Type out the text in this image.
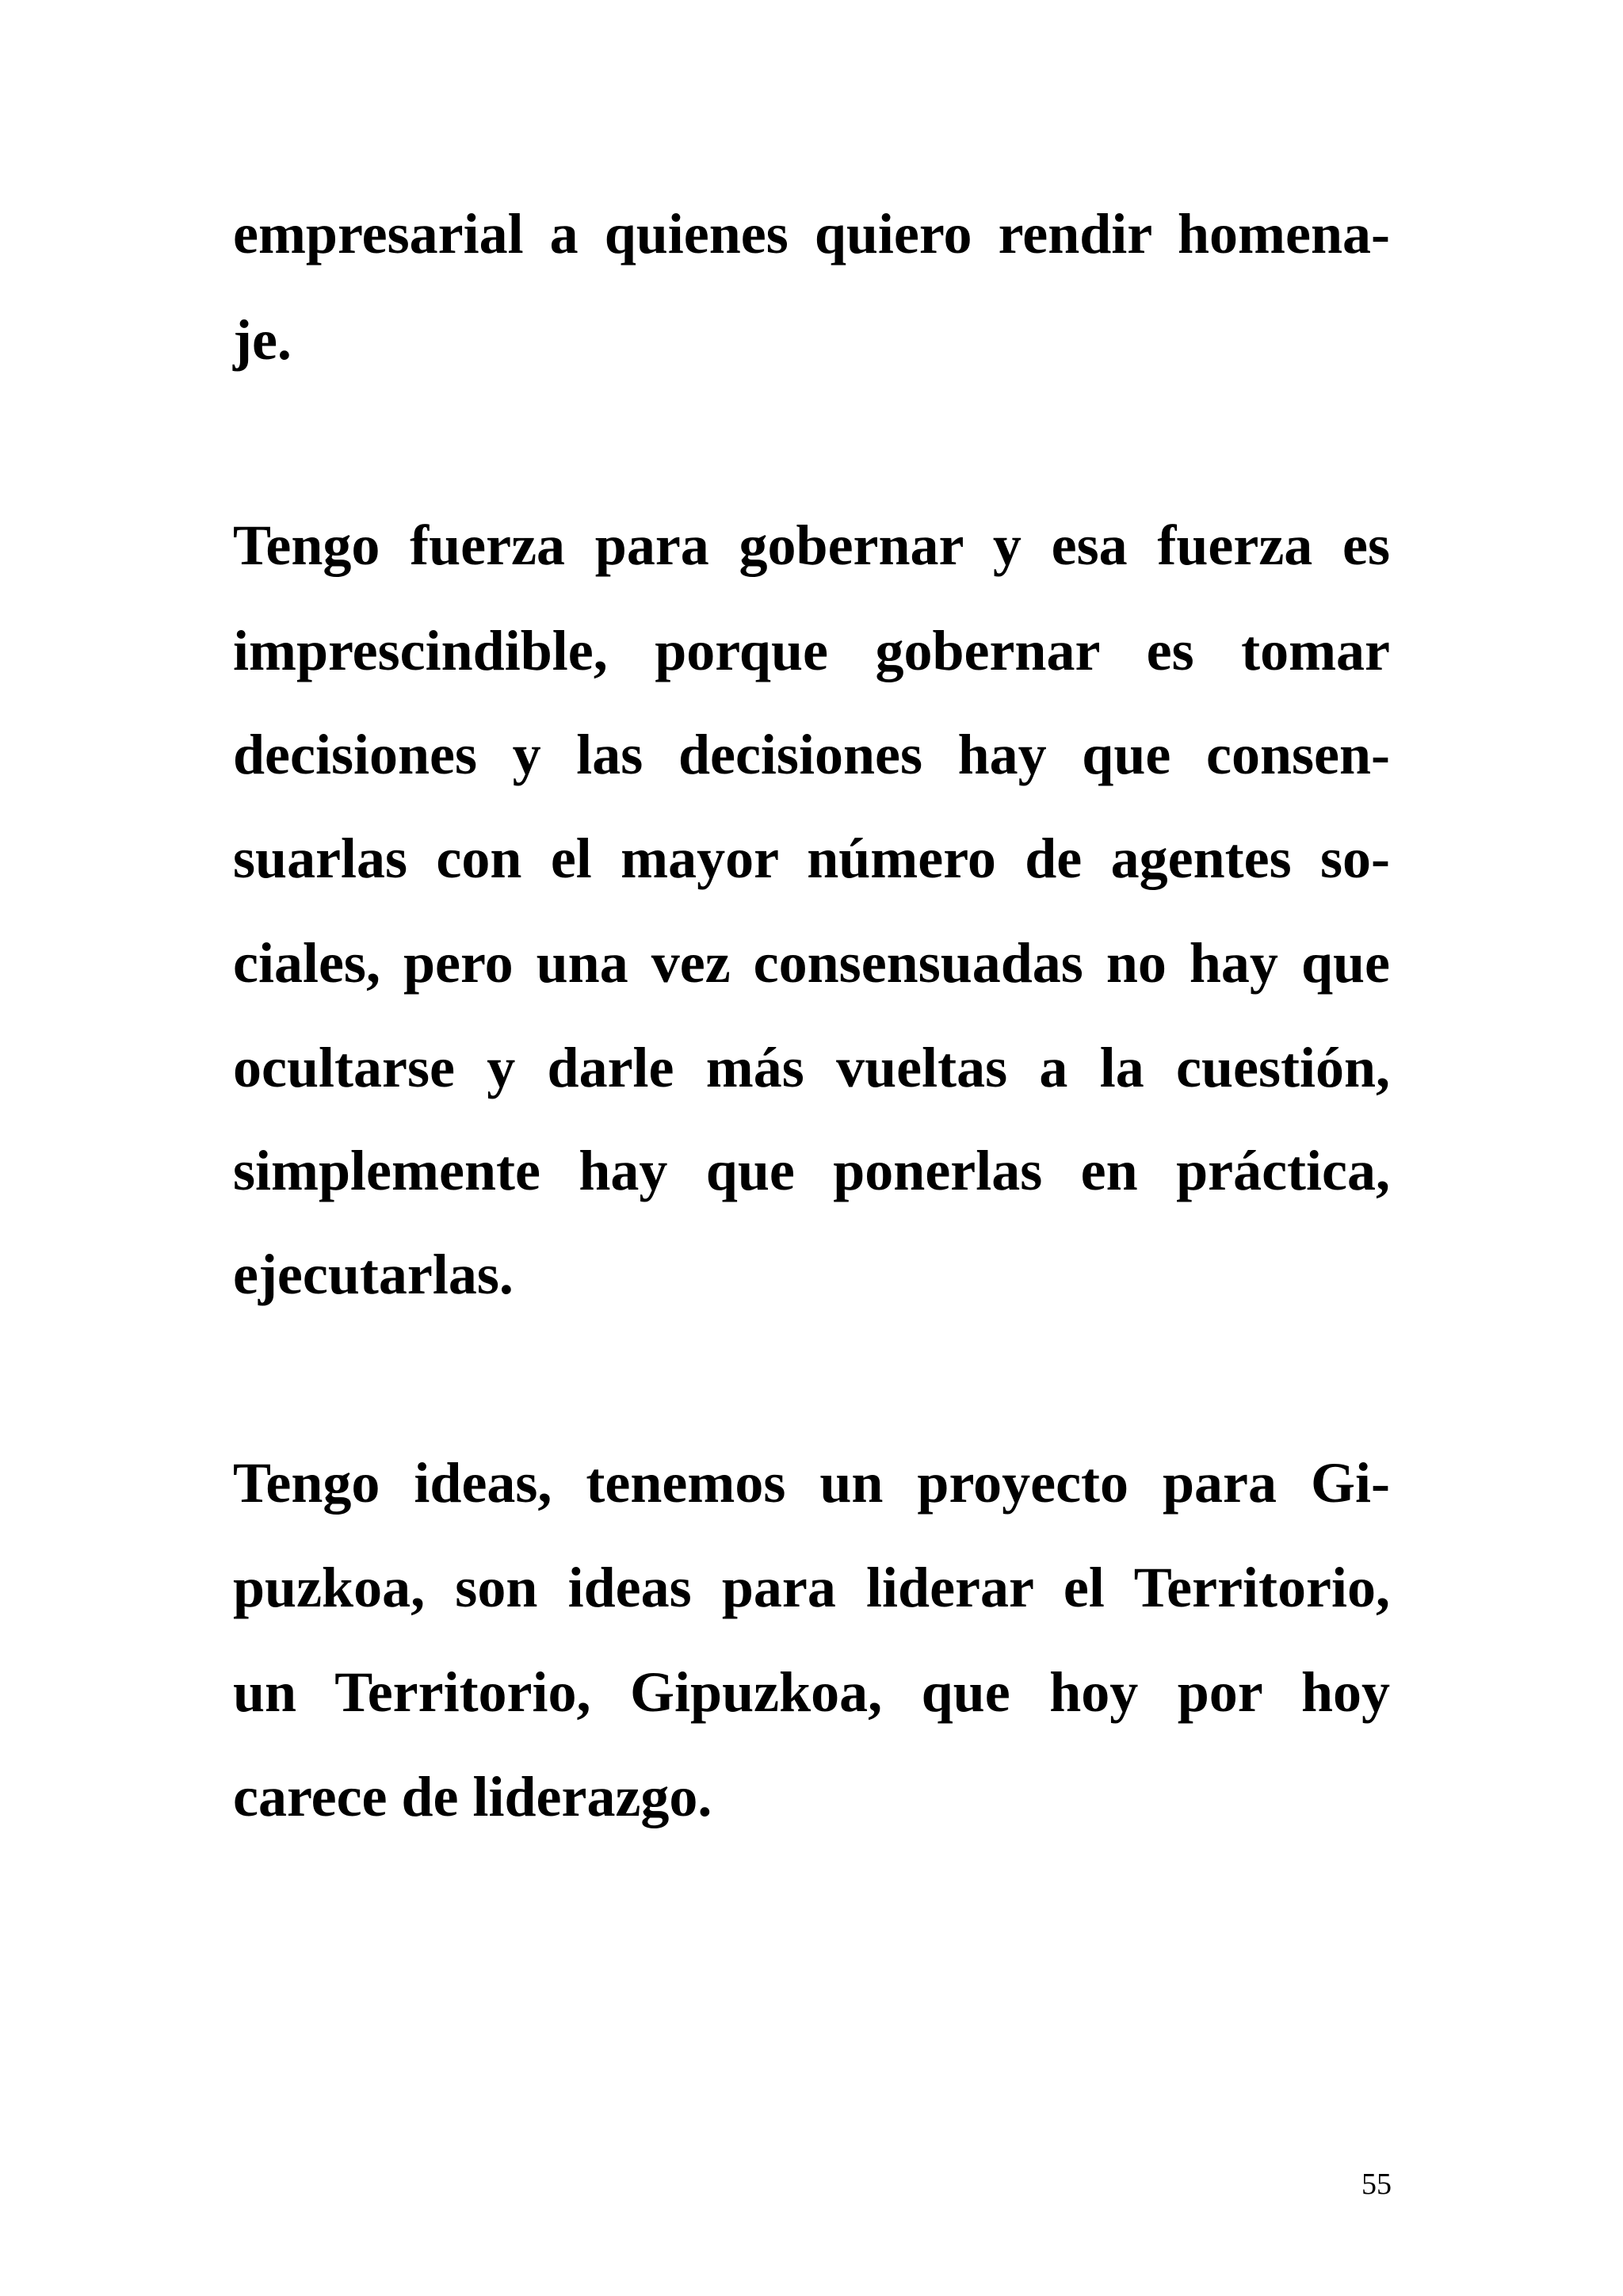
empresarial a quienes quiero rendir homena-

je.

Tengo fuerza para gobernar y esa fuerza es

imprescindible, porque gobernar es tomar

decisiones y las decisiones hay que consen-

suarlas con el mayor número de agentes so-

ciales, pero una vez consensuadas no hay que

ocultarse y darle más vueltas a la cuestión,

simplemente hay que ponerlas en práctica,

ejecutarlas.

Tengo ideas, tenemos un proyecto para Gi-

puzkoa, son ideas para liderar el Territorio,

un Territorio, Gipuzkoa, que hoy por hoy

carece de liderazgo.

55
